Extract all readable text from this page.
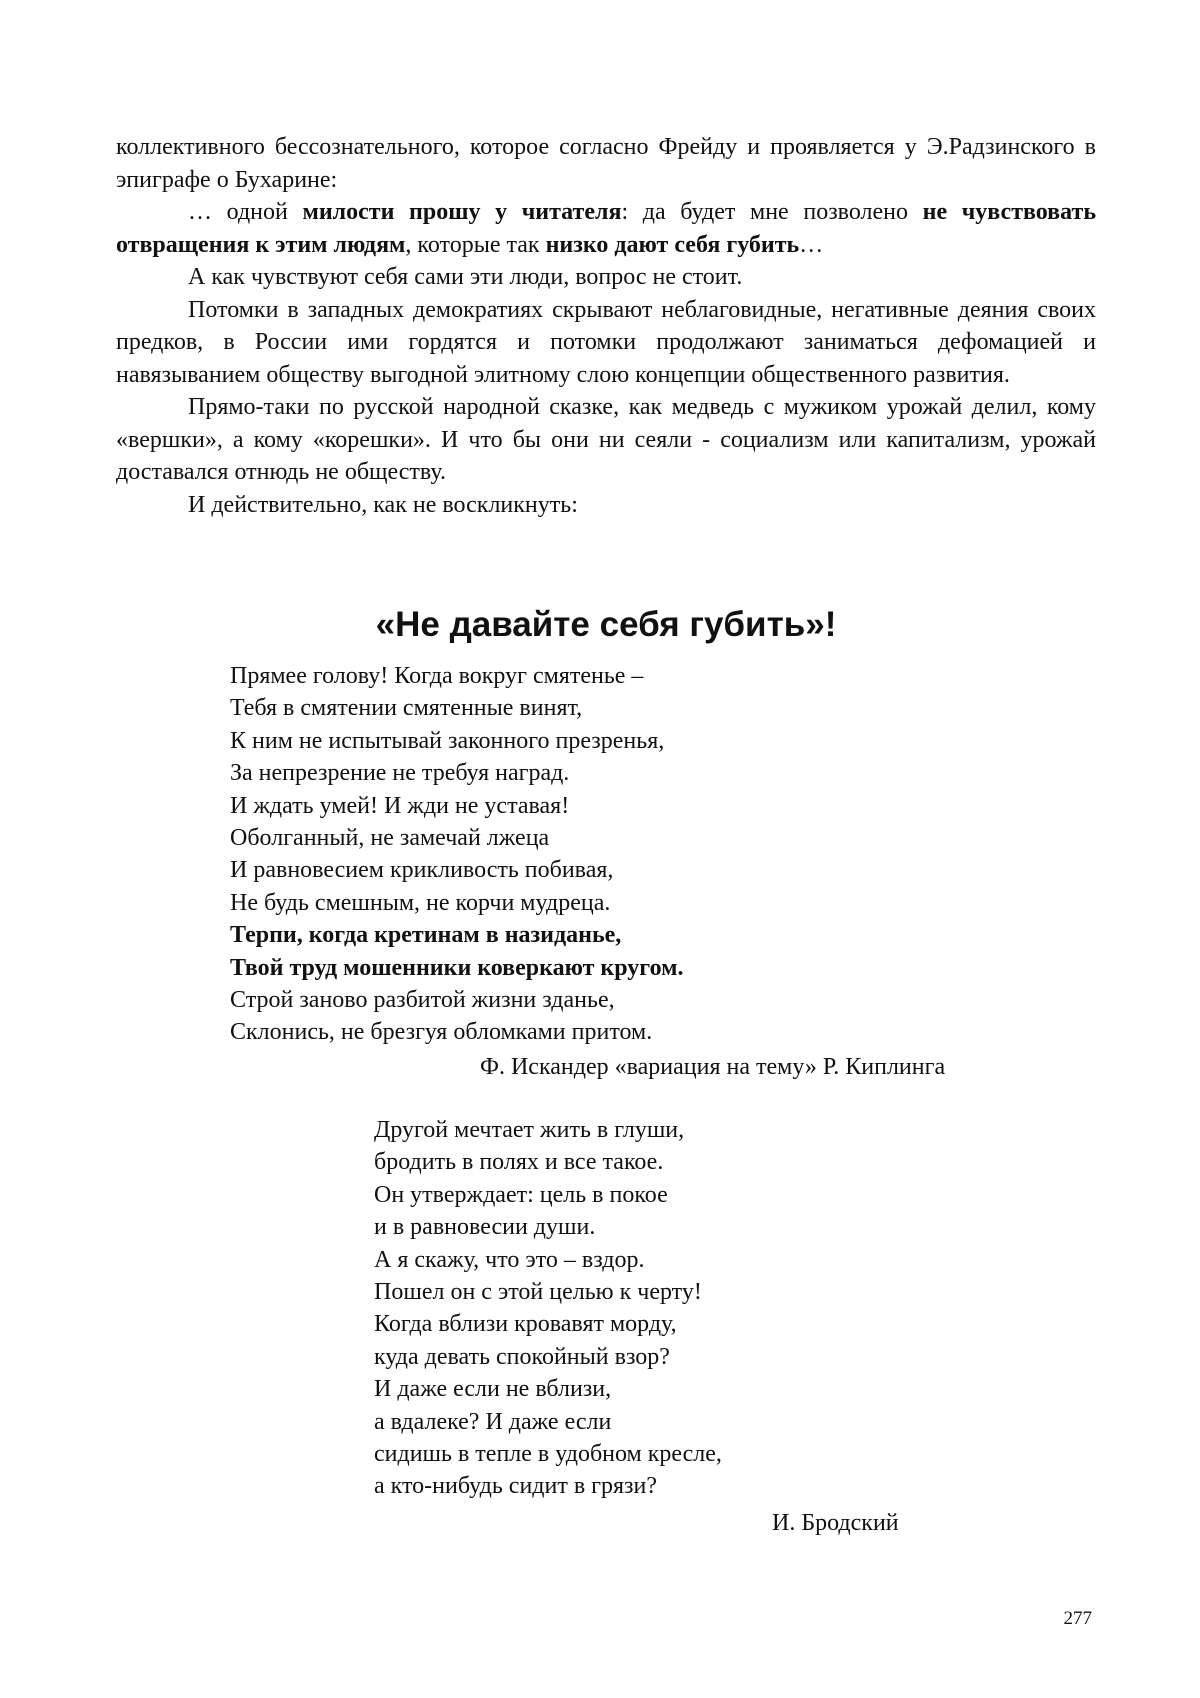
коллективного бессознательного, которое согласно Фрейду и проявляется у Э.Радзинского в эпиграфе о Бухарине:

… одной милости прошу у читателя: да будет мне позволено не чувствовать отвращения к этим людям, которые так низко дают себя губить…

А как чувствуют себя сами эти люди, вопрос не стоит.

Потомки в западных демократиях скрывают неблаговидные, негативные деяния своих предков, в России ими гордятся и потомки продолжают заниматься дефомацией и навязыванием обществу выгодной элитному слою концепции общественного развития.

Прямо-таки по русской народной сказке, как медведь с мужиком урожай делил, кому «вершки», а кому «корешки». И что бы они ни сеяли - социализм или капитализм, урожай доставался отнюдь не обществу.

И действительно, как не воскликнуть:

«Не давайте себя губить»!

Прямее голову! Когда вокруг смятенье –

Тебя в смятении смятенные винят,

К ним не испытывай законного презренья,

За непрезрение не требуя наград.

И ждать умей! И жди не уставая!

Оболганный, не замечай лжеца

И равновесием крикливость побивая,

Не будь смешным, не корчи мудреца.

Терпи, когда кретинам в назиданье,

Твой труд мошенники коверкают кругом.

Строй заново разбитой жизни зданье,

Склонись, не брезгуя обломками притом.

Ф. Искандер «вариация на тему» Р. Киплинга

Другой мечтает жить в глуши,

бродить в полях и все такое.

Он утверждает: цель в покое

и в равновесии души.

А я скажу, что это – вздор.

Пошел он с этой целью к черту!

Когда вблизи кровавят морду,

куда девать спокойный взор?

И даже если не вблизи,

а вдалеке? И даже если

сидишь в тепле в удобном кресле,

а кто-нибудь сидит в грязи?

И. Бродский

277
